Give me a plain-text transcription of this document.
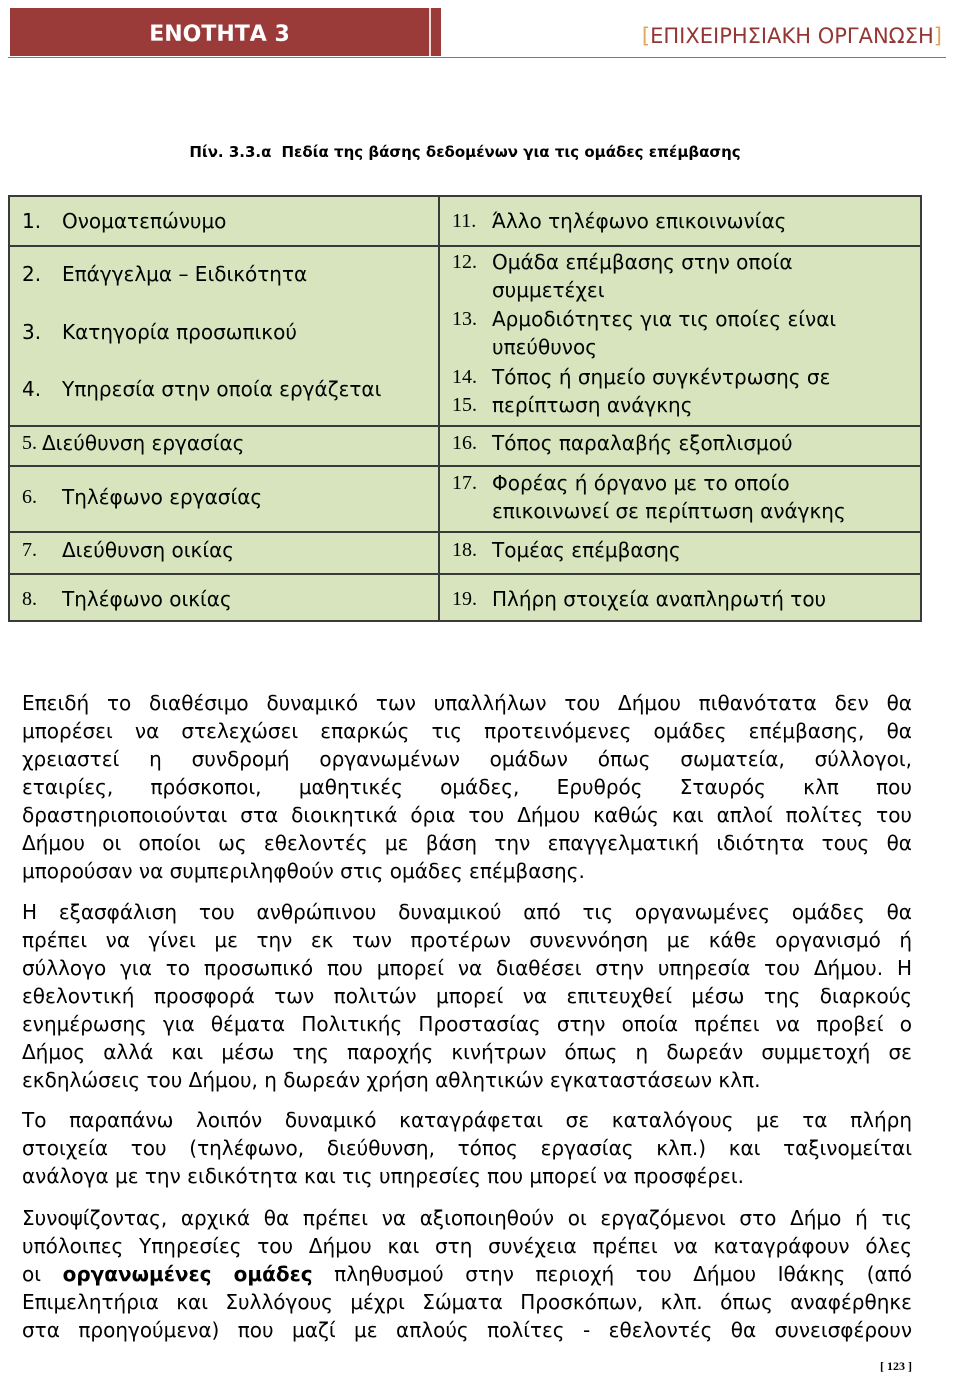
ΕΝΟΤΗΤΑ 3	[ΕΠΙΧΕΙΡΗΣΙΑΚΗ ΟΡΓΑΝΩΣΗ]
Πίν. 3.3.α Πεδία της βάσης δεδομένων για τις ομάδες επέμβασης
1. Ονοματεπώνυμο
2. Επάγγελμα – Ειδικότητα
3. Κατηγορία προσωπικού
4. Υπηρεσία στην οποία εργάζεται
5. Διεύθυνση εργασίας
6. Τηλέφωνο εργασίας
7. Διεύθυνση οικίας
8. Τηλέφωνο οικίας
11. Άλλο τηλέφωνο επικοινωνίας
12. Ομάδα επέμβασης στην οποία
συμμετέχει
13. Αρμοδιότητες για τις οποίες είναι
υπεύθυνος
14. Τόπος ή σημείο συγκέντρωσης σε
15. περίπτωση ανάγκης
16. Τόπος παραλαβής εξοπλισμού
17. Φορέας ή όργανο με το οποίο
επικοινωνεί σε περίπτωση ανάγκης
18. Τομέας επέμβασης
19. Πλήρη στοιχεία αναπληρωτή του
Επειδή το διαθέσιμο δυναμικό των υπαλλήλων του Δήμου πιθανότατα δεν θα
μπορέσει να στελεχώσει επαρκώς τις προτεινόμενες ομάδες επέμβασης, θα
χρειαστεί η συνδρομή οργανωμένων ομάδων όπως σωματεία, σύλλογοι,
εταιρίες, πρόσκοποι, μαθητικές ομάδες, Ερυθρός Σταυρός κλπ που
δραστηριοποιούνται στα διοικητικά όρια του Δήμου καθώς και απλοί πολίτες του
Δήμου οι οποίοι ως εθελοντές με βάση την επαγγελματική ιδιότητα τους θα
μπορούσαν να συμπεριληφθούν στις ομάδες επέμβασης.
Η εξασφάλιση του ανθρώπινου δυναμικού από τις οργανωμένες ομάδες θα
πρέπει να γίνει με την εκ των προτέρων συνεννόηση με κάθε οργανισμό ή
σύλλογο για το προσωπικό που μπορεί να διαθέσει στην υπηρεσία του Δήμου. Η
εθελοντική προσφορά των πολιτών μπορεί να επιτευχθεί μέσω της διαρκούς
ενημέρωσης για θέματα Πολιτικής Προστασίας στην οποία πρέπει να προβεί ο
Δήμος αλλά και μέσω της παροχής κινήτρων όπως η δωρεάν συμμετοχή σε
εκδηλώσεις του Δήμου, η δωρεάν χρήση αθλητικών εγκαταστάσεων κλπ.
Το παραπάνω λοιπόν δυναμικό καταγράφεται σε καταλόγους με τα πλήρη
στοιχεία του (τηλέφωνο, διεύθυνση, τόπος εργασίας κλπ.) και ταξινομείται
ανάλογα με την ειδικότητα και τις υπηρεσίες που μπορεί να προσφέρει.
Συνοψίζοντας, αρχικά θα πρέπει να αξιοποιηθούν οι εργαζόμενοι στο Δήμο ή τις
υπόλοιπες Υπηρεσίες του Δήμου και στη συνέχεια πρέπει να καταγράφουν όλες
οι οργανωμένες ομάδες πληθυσμού στην περιοχή του Δήμου Ιθάκης (από
Επιμελητήρια και Συλλόγους μέχρι Σώματα Προσκόπων, κλπ. όπως αναφέρθηκε
στα προηγούμενα) που μαζί με απλούς πολίτες - εθελοντές θα συνεισφέρουν
[ 123 ]
